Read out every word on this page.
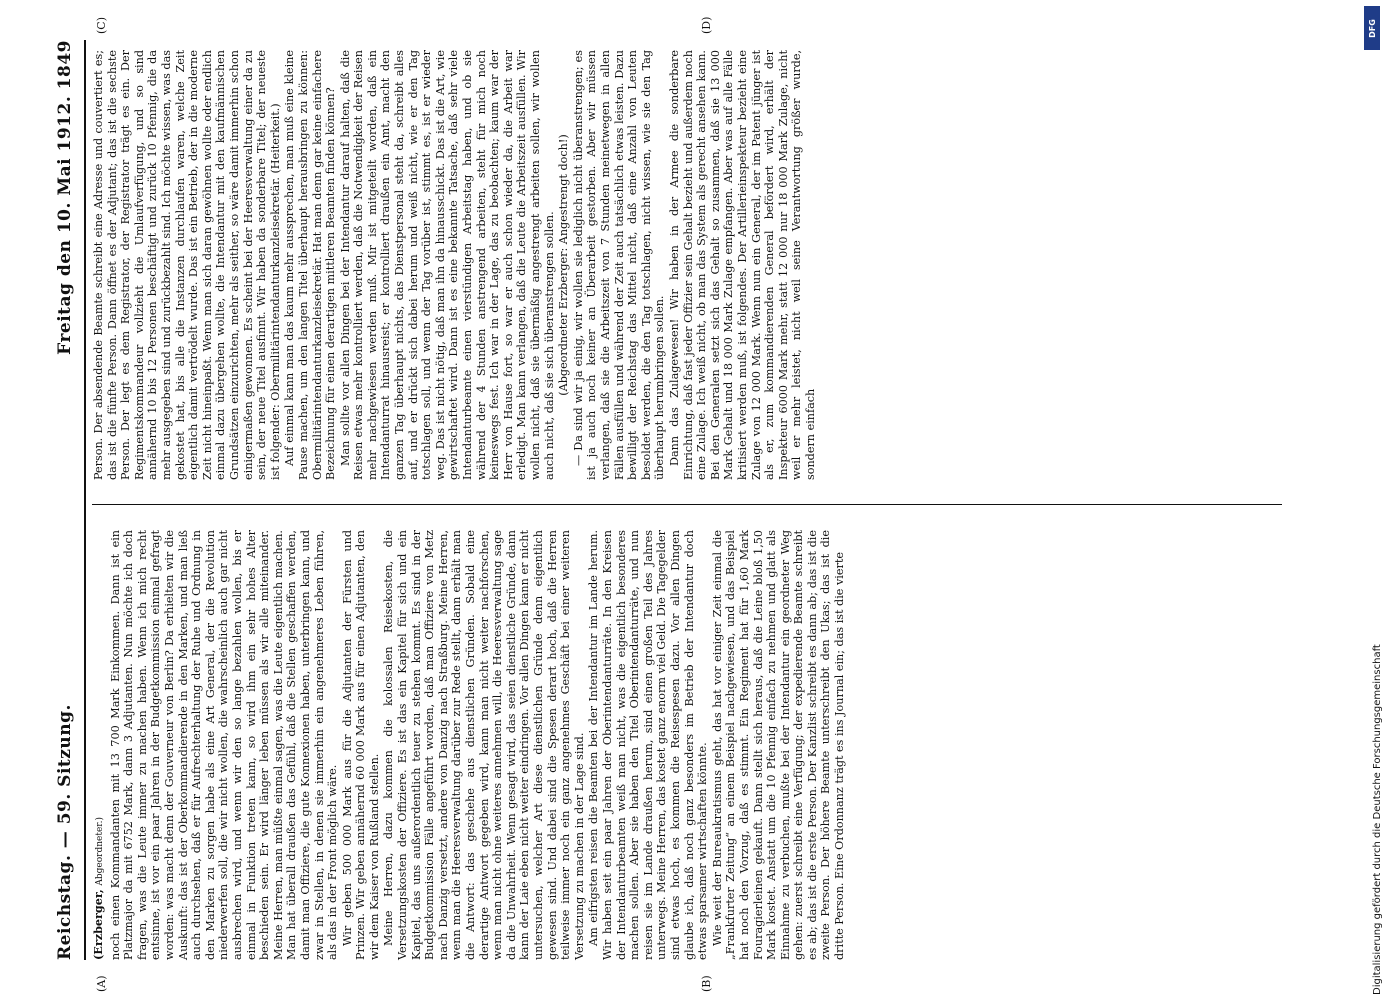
Reichstag. — 59. Sitzung.
Freitag den 10. Mai 1912. 1849
(A)	(B)
(C)	(D)

(Erzberger, Abgeordneter.) noch einen Kommandanten mit 13 700 Mark Einkommen. Dann ist ein Platzmajor da mit 6752 Mark, dann 3 Adjutanten. Nun möchte ich doch fragen, was die Leute immer zu machen haben. Wenn ich mich recht entsinne, ist vor ein paar Jahren in der Budgetkommission einmal gefragt worden: was macht denn der Gouverneur von Berlin? Da erhielten wir die Auskunft: das ist der Oberkommandierende in den Marken, und man ließ auch durchsehen, daß er für Aufrechterhaltung der Ruhe und Ordnung in den Marken zu sorgen habe als eine Art General, der die Revolution niederwerfen soll, die wir nicht wollen, die wahrscheinlich auch gar nicht ausbrechen wird, und wenn wir den so lange bezahlen wollen, bis er einmal in Funktion treten kann, so wird ihm ein sehr hohes Alter beschieden sein. Er wird länger leben müssen als wir alle miteinander. Meine Herren, man müßte einmal sagen, was die Leute eigentlich machen. Man hat überall draußen das Gefühl, daß die Stellen geschaffen werden, damit man Offiziere, die gute Konnexionen haben, unterbringen kann, und zwar in Stellen, in denen sie immerhin ein angenehmeres Leben führen, als das in der Front möglich wäre. Wir geben 500 000 Mark aus für die Adjutanten der Fürsten und Prinzen. Wir geben annähernd 60 000 Mark aus für einen Adjutanten, den wir dem Kaiser von Rußland stellen. Meine Herren, dazu kommen die kolossalen Reisekosten, die Versetzungskosten der Offiziere. Es ist das ein Kapitel für sich und ein Kapitel, das uns außerordentlich teuer zu stehen kommt. Es sind in der Budgetkommission Fälle angeführt worden, daß man Offiziere von Metz nach Danzig versetzt, andere von Danzig nach Straßburg. Meine Herren, wenn man die Heeresverwaltung darüber zur Rede stellt, dann erhält man die Antwort: das geschehe aus dienstlichen Gründen. Sobald eine derartige Antwort gegeben wird, kann man nicht weiter nachforschen, wenn man nicht ohne weiteres annehmen will, die Heeresverwaltung sage da die Unwahrheit. Wenn gesagt wird, das seien dienstliche Gründe, dann kann der Laie eben nicht weiter eindringen. Vor allen Dingen kann er nicht untersuchen, welcher Art diese dienstlichen Gründe denn eigentlich gewesen sind. Und dabei sind die Spesen derart hoch, daß die Herren teilweise immer noch ein ganz angenehmes Geschäft bei einer weiteren Versetzung zu machen in der Lage sind. Am eifrigsten reisen die Beamten bei der Intendantur im Lande herum. Wir haben seit ein paar Jahren der Oberintendanturräte. In den Kreisen der Intendanturbeamten weiß man nicht, was die eigentlich besonderes machen sollen. Aber sie haben den Titel Oberintendanturräte, und nun reisen sie im Lande draußen herum, sind einen großen Teil des Jahres unterwegs. Meine Herren, das kostet ganz enorm viel Geld. Die Tagegelder sind etwas hoch, es kommen die Reisespesen dazu. Vor allen Dingen glaube ich, daß noch ganz besonders im Betrieb der Intendantur doch etwas sparsamer wirtschaften könnte. Wie weit der Bureaukratismus geht, das hat vor einiger Zeit einmal die „Frankfurter Zeitung“ an einem Beispiel nachgewiesen, und das Beispiel hat noch den Vorzug, daß es stimmt. Ein Regiment hat für 1,60 Mark Fouragierleinen gekauft. Dann stellt sich heraus, daß die Leine bloß 1,50 Mark kostet. Anstatt um die 10 Pfennig einfach zu nehmen und glatt als Einnahme zu verbuchen, mußte bei der Intendantur ein geordneter Weg gehen: zuerst schreibt eine Verfügung; der expedierende Beamte schreibt es ab; das ist die erste Person. Der Kanzlist schreibt es dann ab; das ist die zweite Person. Der höhere Beamte unterschreibt den Ukas; das ist die dritte Person. Eine Ordonnanz trägt es ins Journal ein; das ist die vierte

Person. Der absendende Beamte schreibt eine Adresse und couvertiert es; das ist die fünfte Person. Dann öffnet es der Adjutant; das ist die sechste Person. Der legt es dem Registrator, der Registrator trägt es ein. Der Regimentskommandeur vollzieht die Umlaufverfügung, und so sind annähernd 10 bis 12 Personen beschäftigt und zurück 10 Pfennig, die da mehr ausgegeben sind und zurückbezahlt sind. Ich möchte wissen, was das gekostet hat, bis alle die Instanzen durchlaufen waren, welche Zeit eigentlich damit vertrödelt wurde. Das ist ein Betrieb, der in die moderne Zeit nicht hineinpaßt. Wenn man sich daran gewöhnen wollte oder endlich einmal dazu übergehen wollte, die Intendantur mit den kaufmännischen Grundsätzen einzurichten, mehr als seither, so wäre damit immerhin schon einigermaßen gewonnen. Es scheint bei der Heeresverwaltung einer da zu sein, der neue Titel ausfinnt. Wir haben da sonderbare Titel; der neueste ist folgender: Obermilitärintendanturkanzleisekretär. (Heiterkeit.) Auf einmal kann man das kaum mehr aussprechen, man muß eine kleine Pause machen, um den langen Titel überhaupt herausbringen zu können: Obermilitärintendanturkanzleisekretär. Hat man denn gar keine einfachere Bezeichnung für einen derartigen mittleren Beamten finden können? Man sollte vor allen Dingen bei der Intendantur darauf halten, daß die Reisen etwas mehr kontrolliert werden, daß die Notwendigkeit der Reisen mehr nachgewiesen werden muß. Mir ist mitgeteilt worden, daß ein Intendanturrat hinausreist; er kontrolliert draußen ein Amt, macht den ganzen Tag überhaupt nichts, das Dienstpersonal steht da, schreibt alles auf, und er drückt sich dabei herum und weiß nicht, wie er den Tag totschlagen soll, und wenn der Tag vorüber ist, stimmt es, ist er wieder weg. Das ist nicht nötig, daß man ihn da hinausschickt. Das ist die Art, wie gewirtschaftet wird. Dann ist es eine bekannte Tatsache, daß sehr viele Intendanturbeamte einen vierstündigen Arbeitstag haben, und ob sie während der 4 Stunden anstrengend arbeiten, steht für mich noch keineswegs fest. Ich war in der Lage, das zu beobachten; kaum war der Herr von Hause fort, so war er auch schon wieder da, die Arbeit war erledigt. Man kann verlangen, daß die Leute die Arbeitszeit ausfüllen. Wir wollen nicht, daß sie übermäßig angestrengt arbeiten sollen, wir wollen auch nicht, daß sie sich überanstrengen sollen. (Abgeordneter Erzberger: Angestrengt doch!) — Da sind wir ja einig, wir wollen sie lediglich nicht überanstrengen; es ist ja auch noch keiner an Überarbeit gestorben. Aber wir müssen verlangen, daß sie die Arbeitszeit von 7 Stunden meinetwegen in allen Fällen ausfüllen und während der Zeit auch tatsächlich etwas leisten. Dazu bewilligt der Reichstag das Mittel nicht, daß eine Anzahl von Leuten besoldet werden, die den Tag totschlagen, nicht wissen, wie sie den Tag überhaupt herumbringen sollen. Dann das Zulagewesen! Wir haben in der Armee die sonderbare Einrichtung, daß fast jeder Offizier sein Gehalt bezieht und außerdem noch eine Zulage. Ich weiß nicht, ob man das System als gerecht ansehen kann. Bei den Generalen setzt sich das Gehalt so zusammen, daß sie 13 000 Mark Gehalt und 18 000 Mark Zulage empfangen. Aber was auf alle Fälle kritisiert werden muß, ist folgendes. Der Artillerieinspekteur bezieht eine Zulage von 12 000 Mark. Wenn nun ein General, der im Patent jünger ist als er, zum kommandierenden General befördert wird, erhält der Inspekteur 6000 Mark mehr, statt 12 000 nur 18 000 Mark Zulage, nicht weil er mehr leistet, nicht weil seine Verantwortung größer wurde, sondern einfach

DFG
Digitalisierung gefördert durch die Deutsche Forschungsgemeinschaft
